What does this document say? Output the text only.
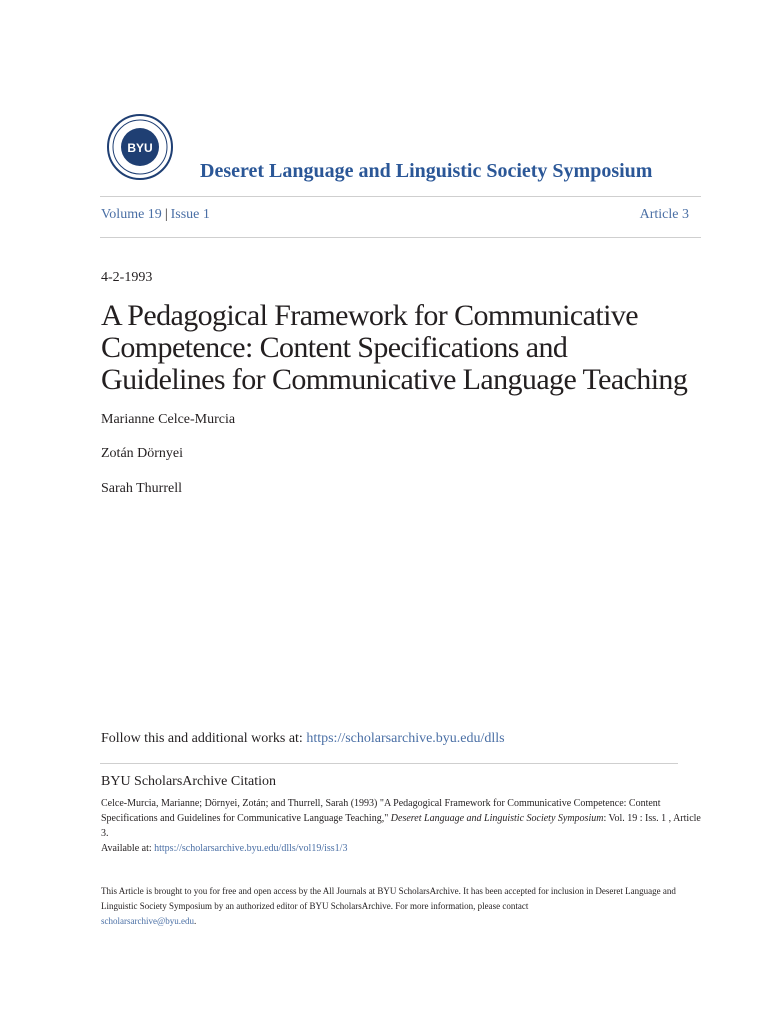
BYU
Deseret Language and Linguistic Society Symposium
Volume 19 | Issue 1	Article 3
4-2-1993
A Pedagogical Framework for Communicative
Competence: Content Specifications and
Guidelines for Communicative Language Teaching
Marianne Celce-Murcia
Zotán Dörnyei
Sarah Thurrell
Follow this and additional works at: https://scholarsarchive.byu.edu/dlls
BYU ScholarsArchive Citation
Celce-Murcia, Marianne; Dörnyei, Zotán; and Thurrell, Sarah (1993) "A Pedagogical Framework for Communicative Competence: Content Specifications and Guidelines for Communicative Language Teaching," Deseret Language and Linguistic Society Symposium: Vol. 19 : Iss. 1 , Article 3.
Available at: https://scholarsarchive.byu.edu/dlls/vol19/iss1/3
This Article is brought to you for free and open access by the All Journals at BYU ScholarsArchive. It has been accepted for inclusion in Deseret Language and Linguistic Society Symposium by an authorized editor of BYU ScholarsArchive. For more information, please contact
scholarsarchive@byu.edu.
